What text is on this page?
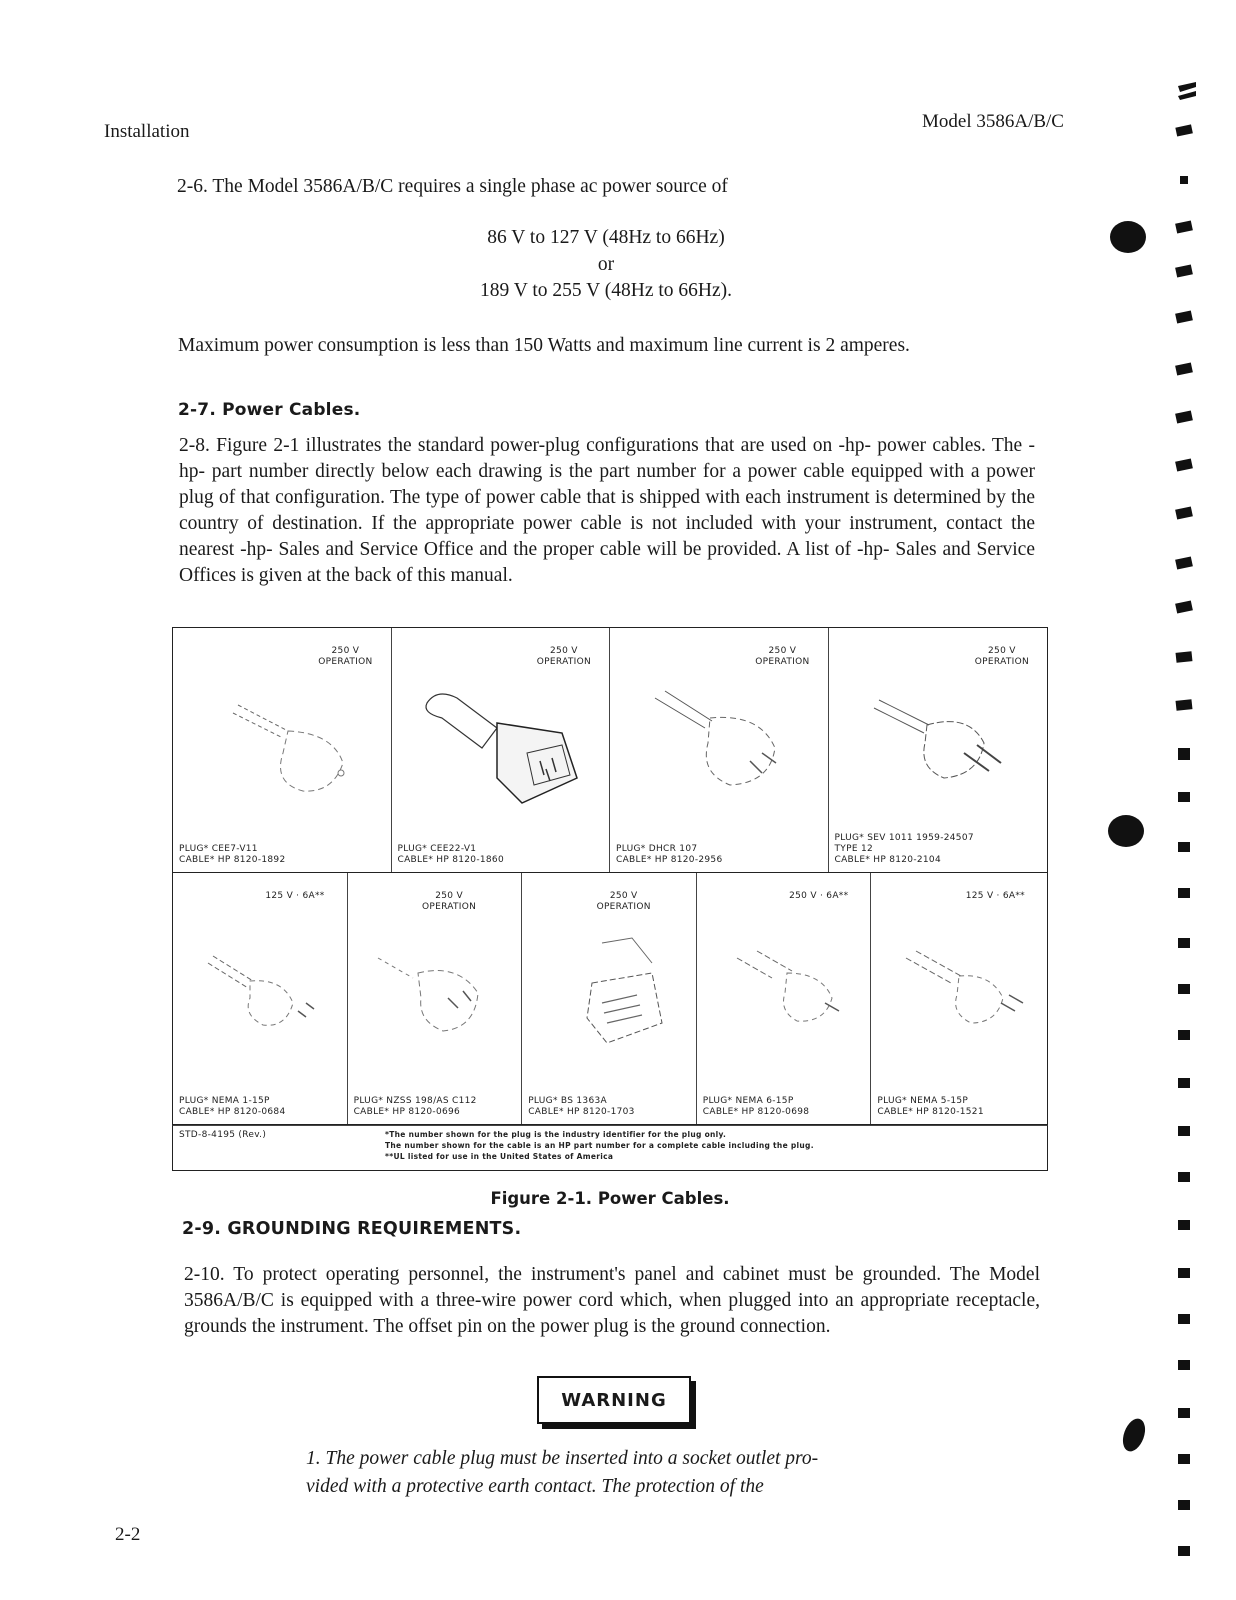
Installation	Model 3586A/B/C
2-6. The Model 3586A/B/C requires a single phase ac power source of
86 V to 127 V (48Hz to 66Hz)
or
189 V to 255 V (48Hz to 66Hz).
Maximum power consumption is less than 150 Watts and maximum line current is 2 amperes.
2-7. Power Cables.
2-8. Figure 2-1 illustrates the standard power-plug configurations that are used on -hp- power cables. The -hp- part number directly below each drawing is the part number for a power cable equipped with a power plug of that configuration. The type of power cable that is shipped with each instrument is determined by the country of destination. If the appropriate power cable is not included with your instrument, contact the nearest -hp- Sales and Service Office and the proper cable will be provided. A list of -hp- Sales and Service Offices is given at the back of this manual.
250 V
OPERATION
PLUG* CEE7-V11
CABLE* HP 8120-1892
250 V
OPERATION
PLUG* CEE22-V1
CABLE* HP 8120-1860
250 V
OPERATION
PLUG* DHCR 107
CABLE* HP 8120-2956
250 V
OPERATION
PLUG* SEV 1011 1959-24507
TYPE 12
CABLE* HP 8120-2104
125 V · 6A**
PLUG* NEMA 1-15P
CABLE* HP 8120-0684
250 V
OPERATION
PLUG* NZSS 198/AS C112
CABLE* HP 8120-0696
250 V
OPERATION
PLUG* BS 1363A
CABLE* HP 8120-1703
250 V · 6A**
PLUG* NEMA 6-15P
CABLE* HP 8120-0698
125 V · 6A**
PLUG* NEMA 5-15P
CABLE* HP 8120-1521
STD-8-4195 (Rev.)	*The number shown for the plug is the industry identifier for the plug only.
The number shown for the cable is an HP part number for a complete cable including the plug.
**UL listed for use in the United States of America
Figure 2-1. Power Cables.
2-9. GROUNDING REQUIREMENTS.
2-10. To protect operating personnel, the instrument's panel and cabinet must be grounded. The Model 3586A/B/C is equipped with a three-wire power cord which, when plugged into an appropriate receptacle, grounds the instrument. The offset pin on the power plug is the ground connection.
WARNING
1. The power cable plug must be inserted into a socket outlet pro-
vided with a protective earth contact. The protection of the
2-2
